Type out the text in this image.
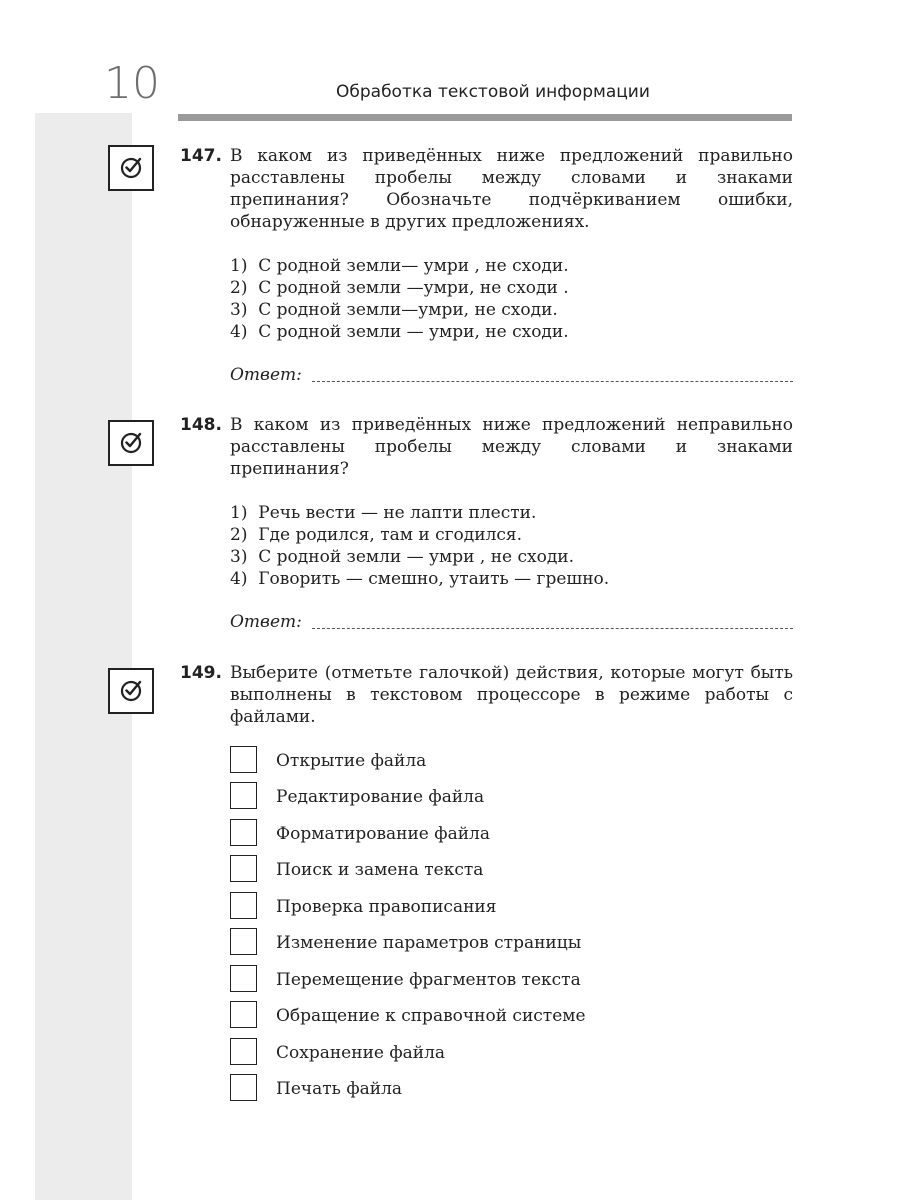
10	Обработка текстовой информации
147. В каком из приведённых ниже предложений правильно расставлены пробелы между словами и знаками препинания? Обозначьте подчёркиванием ошибки, обнаруженные в других предложениях.
1)  С родной земли— умри , не сходи.
2)  С родной земли —умри, не сходи .
3)  С родной земли—умри, не сходи.
4)  С родной земли — умри, не сходи.
Ответ:
148. В каком из приведённых ниже предложений неправильно расставлены пробелы между словами и знаками препинания?
1)  Речь вести — не лапти плести.
2)  Где родился, там и сгодился.
3)  С родной земли — умри , не сходи.
4)  Говорить — смешно, утаить — грешно.
Ответ:
149. Выберите (отметьте галочкой) действия, которые могут быть выполнены в текстовом процессоре в режиме работы с файлами.
Открытие файла
Редактирование файла
Форматирование файла
Поиск и замена текста
Проверка правописания
Изменение параметров страницы
Перемещение фрагментов текста
Обращение к справочной системе
Сохранение файла
Печать файла
